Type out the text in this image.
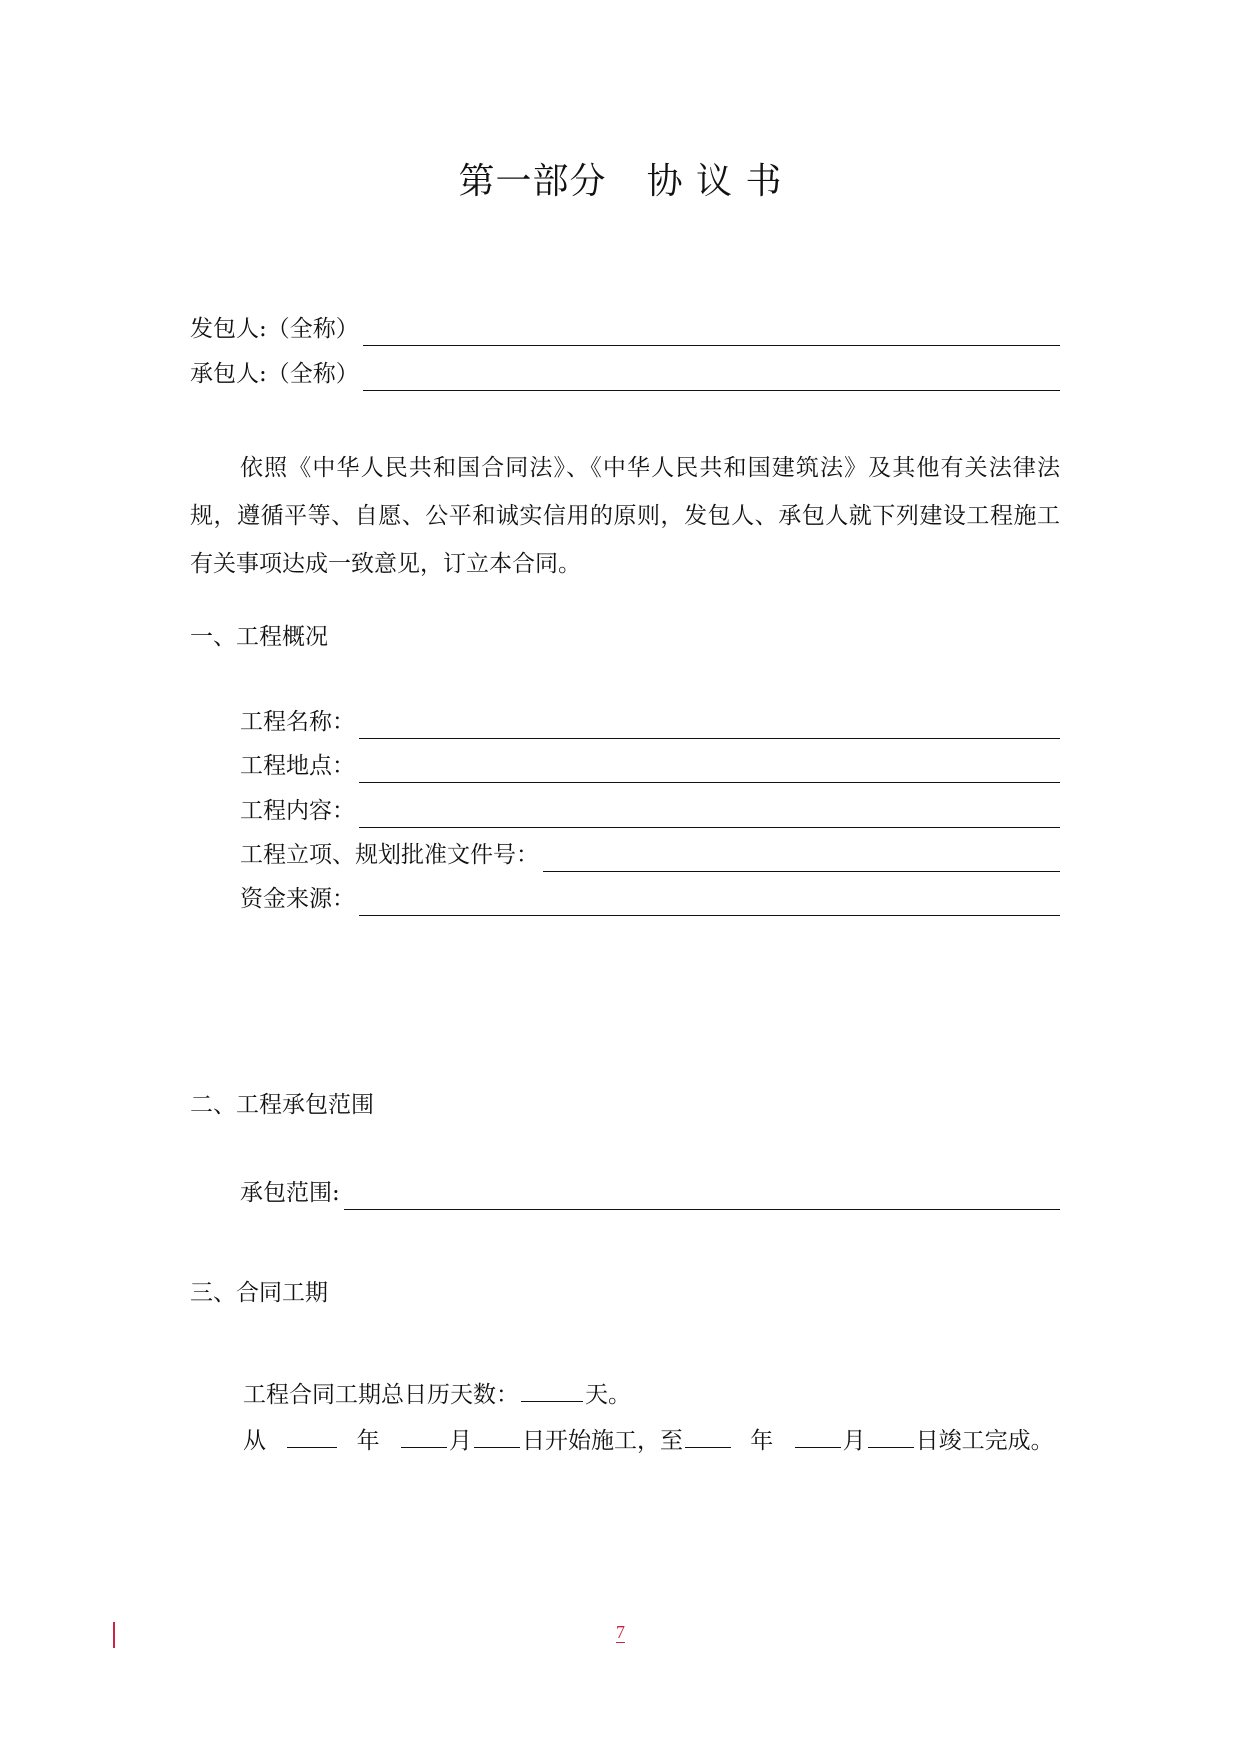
第一部分 协 议 书
发包人:（全称）
承包人:（全称）
依照《中华人民共和国合同法》、《中华人民共和国建筑法》及其他有关法律法规，遵循平等、自愿、公平和诚实信用的原则，发包人、承包人就下列建设工程施工有关事项达成一致意见，订立本合同。
一、工程概况
工程名称：
工程地点：
工程内容：
工程立项、规划批准文件号：
资金来源：
二、工程承包范围
承包范围:
三、合同工期
工程合同工期总日历天数：	天。
从	年	月 日开始施工，至	年	月 日竣工完成。
7
